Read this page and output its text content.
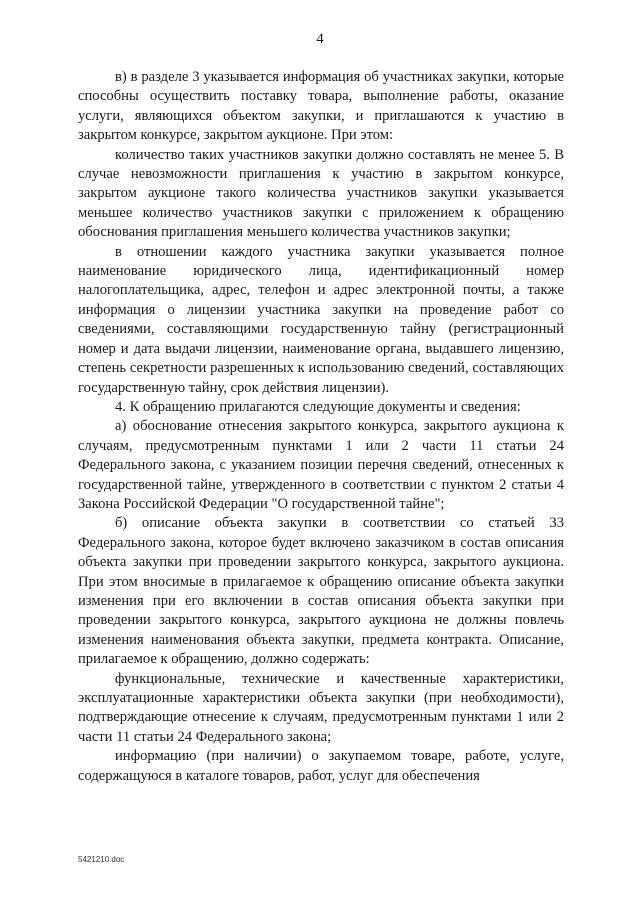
4

в) в разделе 3 указывается информация об участниках закупки, которые способны осуществить поставку товара, выполнение работы, оказание услуги, являющихся объектом закупки, и приглашаются к участию в закрытом конкурсе, закрытом аукционе. При этом:

количество таких участников закупки должно составлять не менее 5. В случае невозможности приглашения к участию в закрытом конкурсе, закрытом аукционе такого количества участников закупки указывается меньшее количество участников закупки с приложением к обращению обоснования приглашения меньшего количества участников закупки;

в отношении каждого участника закупки указывается полное наименование юридического лица, идентификационный номер налогоплательщика, адрес, телефон и адрес электронной почты, а также информация о лицензии участника закупки на проведение работ со сведениями, составляющими государственную тайну (регистрационный номер и дата выдачи лицензии, наименование органа, выдавшего лицензию, степень секретности разрешенных к использованию сведений, составляющих государственную тайну, срок действия лицензии).

4. К обращению прилагаются следующие документы и сведения:

а) обоснование отнесения закрытого конкурса, закрытого аукциона к случаям, предусмотренным пунктами 1 или 2 части 11 статьи 24 Федерального закона, с указанием позиции перечня сведений, отнесенных к государственной тайне, утвержденного в соответствии с пунктом 2 статьи 4 Закона Российской Федерации "О государственной тайне";

б) описание объекта закупки в соответствии со статьей 33 Федерального закона, которое будет включено заказчиком в состав описания объекта закупки при проведении закрытого конкурса, закрытого аукциона. При этом вносимые в прилагаемое к обращению описание объекта закупки изменения при его включении в состав описания объекта закупки при проведении закрытого конкурса, закрытого аукциона не должны повлечь изменения наименования объекта закупки, предмета контракта. Описание, прилагаемое к обращению, должно содержать:

функциональные, технические и качественные характеристики, эксплуатационные характеристики объекта закупки (при необходимости), подтверждающие отнесение к случаям, предусмотренным пунктами 1 или 2 части 11 статьи 24 Федерального закона;

информацию (при наличии) о закупаемом товаре, работе, услуге, содержащуюся в каталоге товаров, работ, услуг для обеспечения

5421210.doc
